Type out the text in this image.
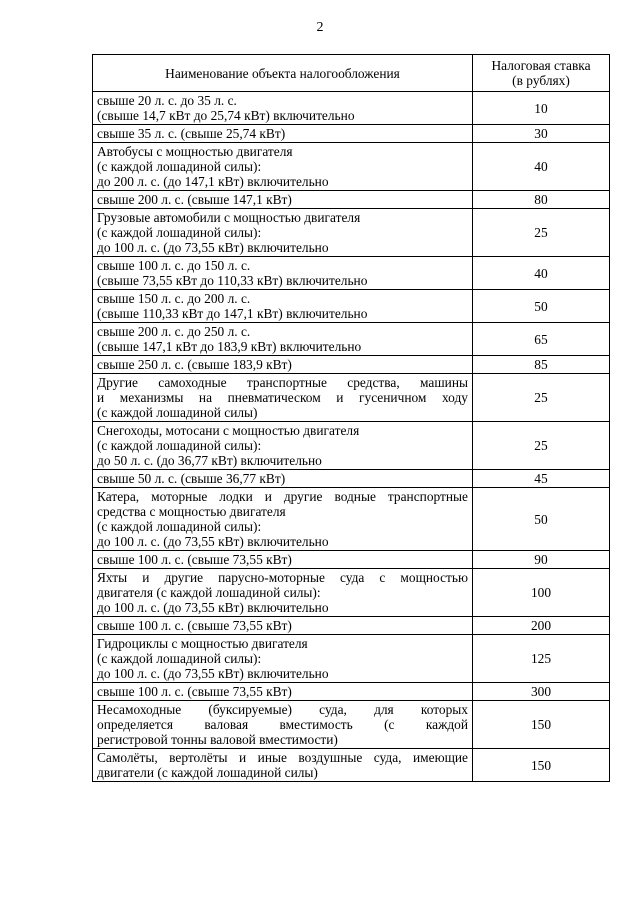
2
Наименование объекта налогообложения	Налоговая ставка
(в рублях)

свыше 20 л. с. до 35 л. с.
(свыше 14,7 кВт до 25,74 кВт) включительно	10

свыше 35 л. с. (свыше 25,74 кВт)	30

Автобусы с мощностью двигателя
(с каждой лошадиной силы):
до 200 л. с. (до 147,1 кВт) включительно	40

свыше 200 л. с. (свыше 147,1 кВт)	80

Грузовые автомобили с мощностью двигателя
(с каждой лошадиной силы):
до 100 л. с. (до 73,55 кВт) включительно	25

свыше 100 л. с. до 150 л. с.
(свыше 73,55 кВт до 110,33 кВт) включительно	40

свыше 150 л. с. до 200 л. с.
(свыше 110,33 кВт до 147,1 кВт) включительно	50

свыше 200 л. с. до 250 л. с.
(свыше 147,1 кВт до 183,9 кВт) включительно	65

свыше 250 л. с. (свыше 183,9 кВт)	85

Другие самоходные транспортные средства, машины
и механизмы на пневматическом и гусеничном ходу
(с каждой лошадиной силы)	25

Снегоходы, мотосани с мощностью двигателя
(с каждой лошадиной силы):
до 50 л. с. (до 36,77 кВт) включительно	25

свыше 50 л. с. (свыше 36,77 кВт)	45

Катера, моторные лодки и другие водные транспортные
средства с мощностью двигателя
(с каждой лошадиной силы):
до 100 л. с. (до 73,55 кВт) включительно	50

свыше 100 л. с. (свыше 73,55 кВт)	90

Яхты и другие парусно-моторные суда с мощностью
двигателя (с каждой лошадиной силы):
до 100 л. с. (до 73,55 кВт) включительно	100

свыше 100 л. с. (свыше 73,55 кВт)	200

Гидроциклы с мощностью двигателя
(с каждой лошадиной силы):
до 100 л. с. (до 73,55 кВт) включительно	125

свыше 100 л. с. (свыше 73,55 кВт)	300

Несамоходные (буксируемые) суда, для которых
определяется валовая вместимость (с каждой
регистровой тонны валовой вместимости)	150

Самолёты, вертолёты и иные воздушные суда, имеющие
двигатели (с каждой лошадиной силы)	150
